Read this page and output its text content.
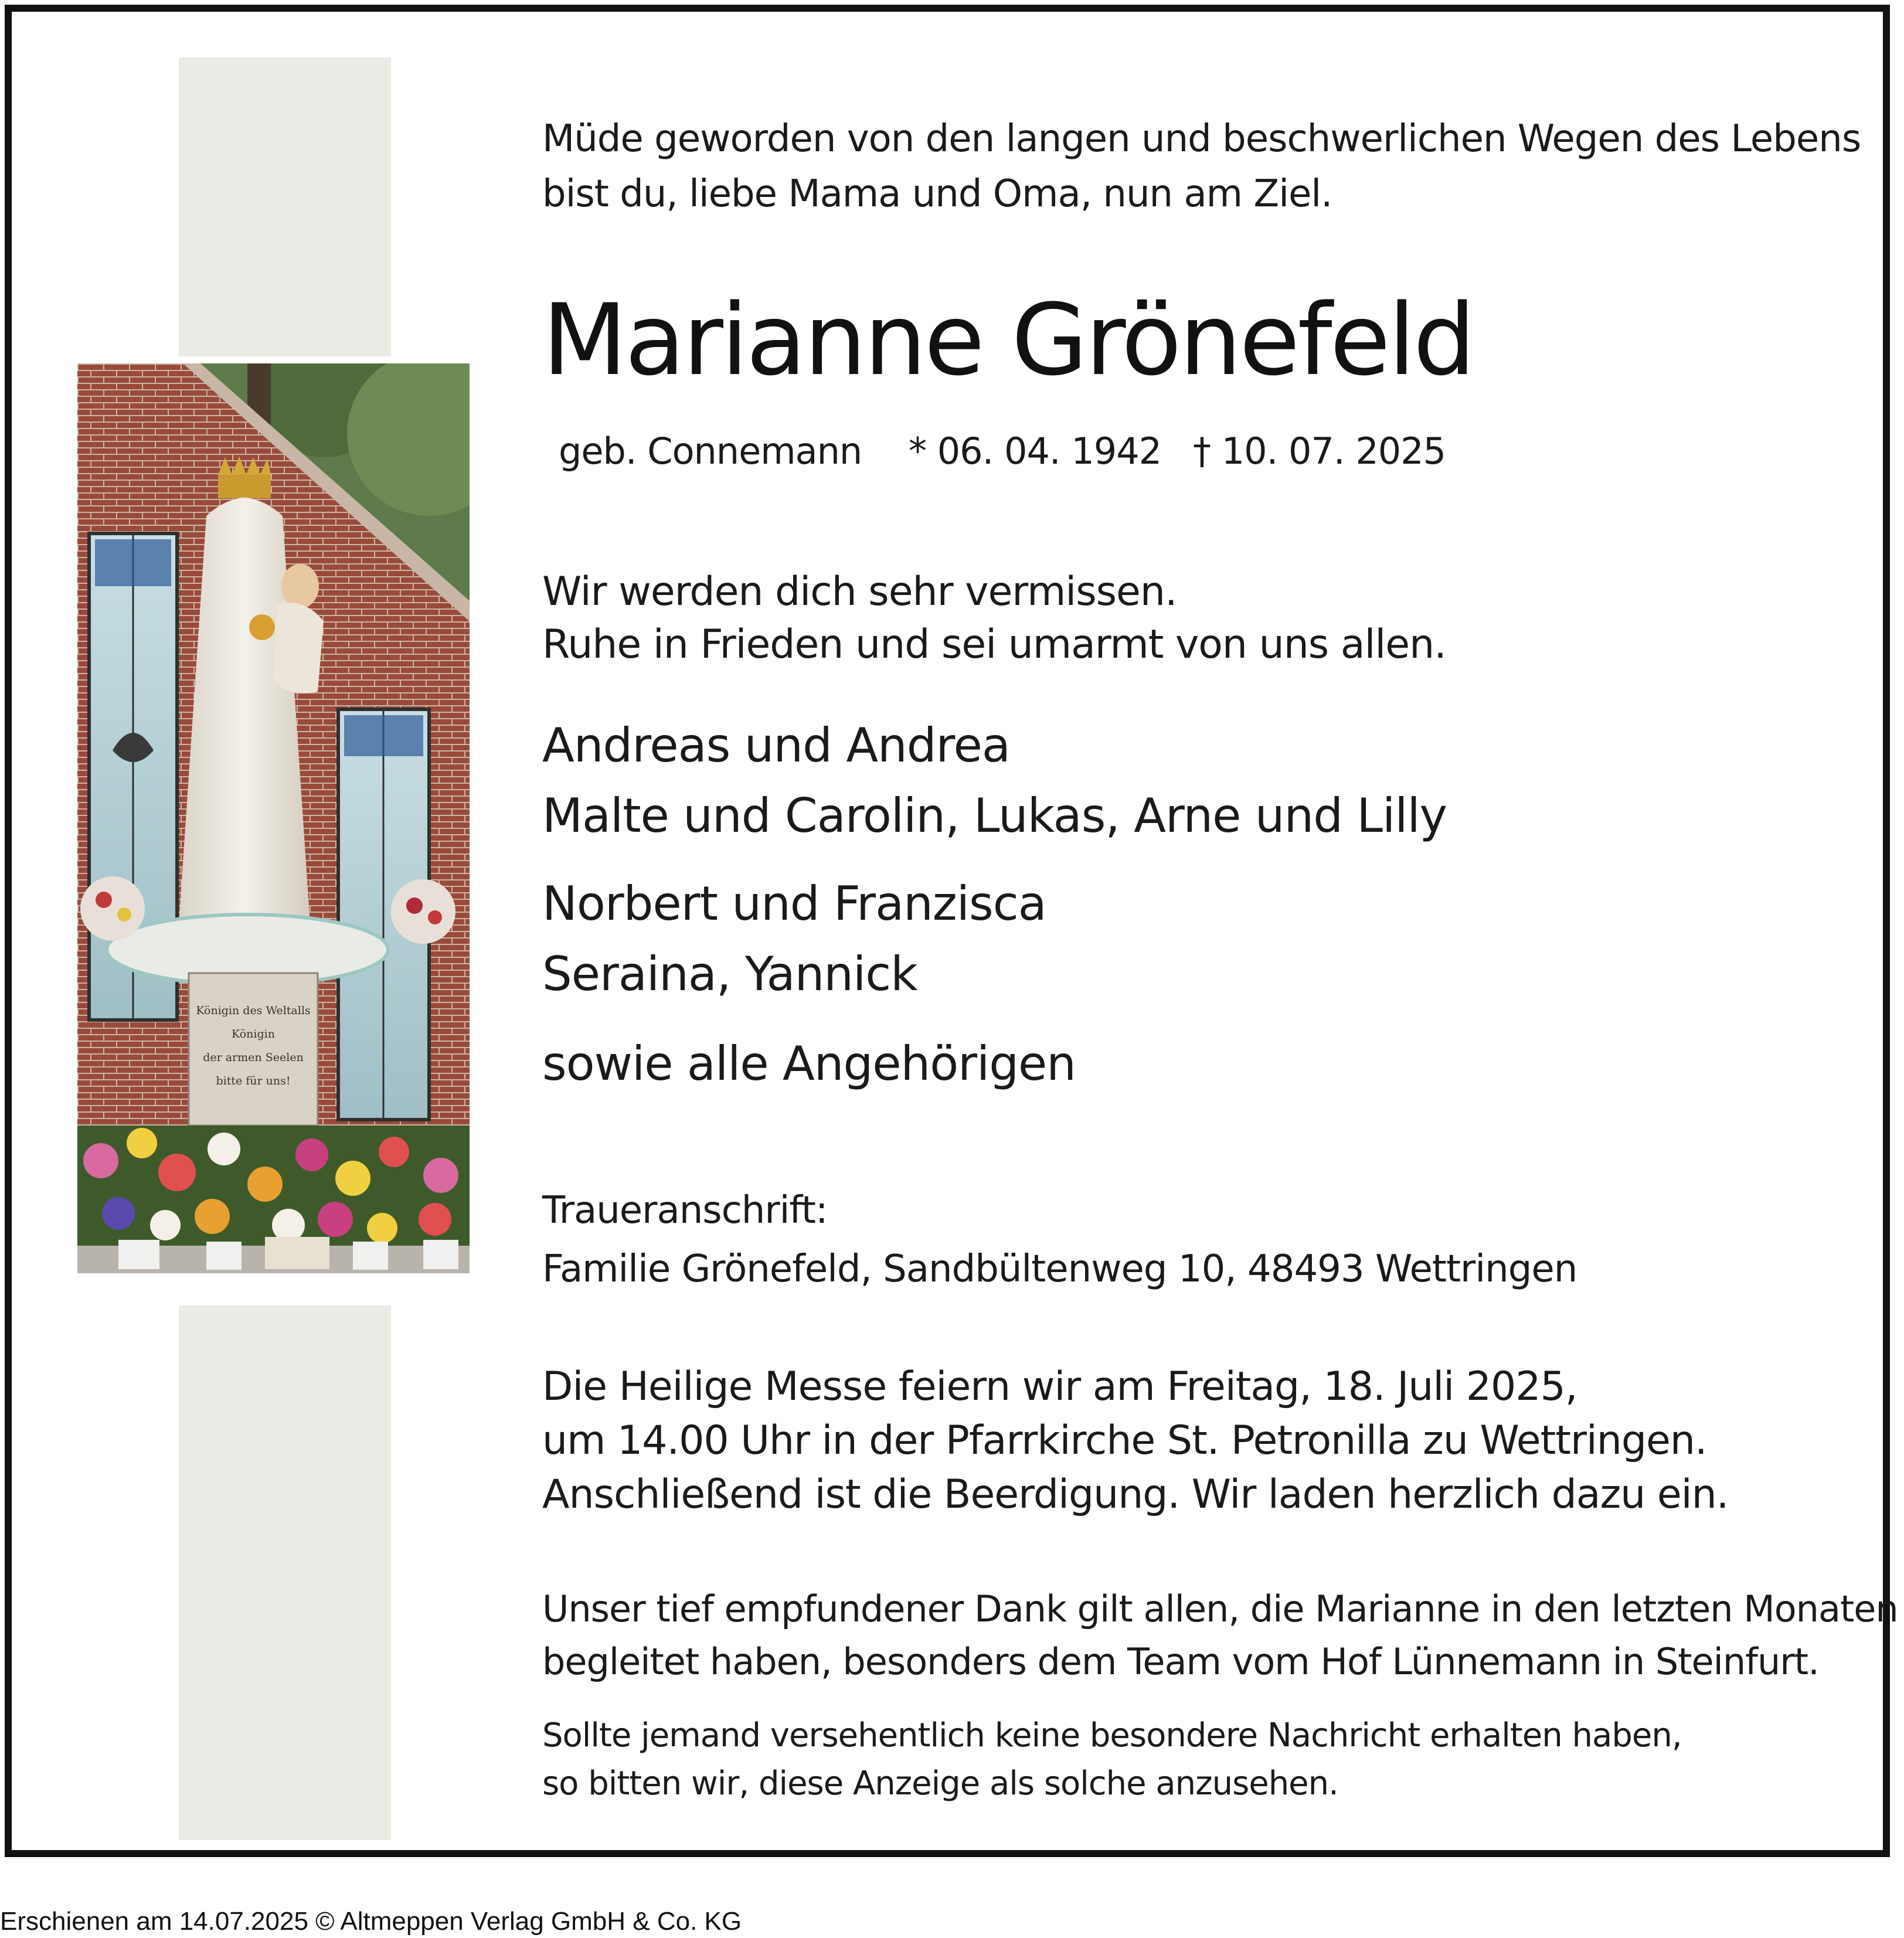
Königin des Weltalls
Königin
der armen Seelen
bitte für uns!

Müde geworden von den langen und beschwerlichen Wegen des Lebens
bist du, liebe Mama und Oma, nun am Ziel.

Marianne Grönefeld
geb. Connemann * 06. 04. 1942 † 10. 07. 2025

Wir werden dich sehr vermissen.
Ruhe in Frieden und sei umarmt von uns allen.

Andreas und Andrea
Malte und Carolin, Lukas, Arne und Lilly

Norbert und Franzisca
Seraina, Yannick

sowie alle Angehörigen

Traueranschrift:
Familie Grönefeld, Sandbültenweg 10, 48493 Wettringen

Die Heilige Messe feiern wir am Freitag, 18. Juli 2025,
um 14.00 Uhr in der Pfarrkirche St. Petronilla zu Wettringen.
Anschließend ist die Beerdigung. Wir laden herzlich dazu ein.

Unser tief empfundener Dank gilt allen, die Marianne in den letzten Monaten
begleitet haben, besonders dem Team vom Hof Lünnemann in Steinfurt.

Sollte jemand versehentlich keine besondere Nachricht erhalten haben,
so bitten wir, diese Anzeige als solche anzusehen.

Erschienen am 14.07.2025 © Altmeppen Verlag GmbH & Co. KG
